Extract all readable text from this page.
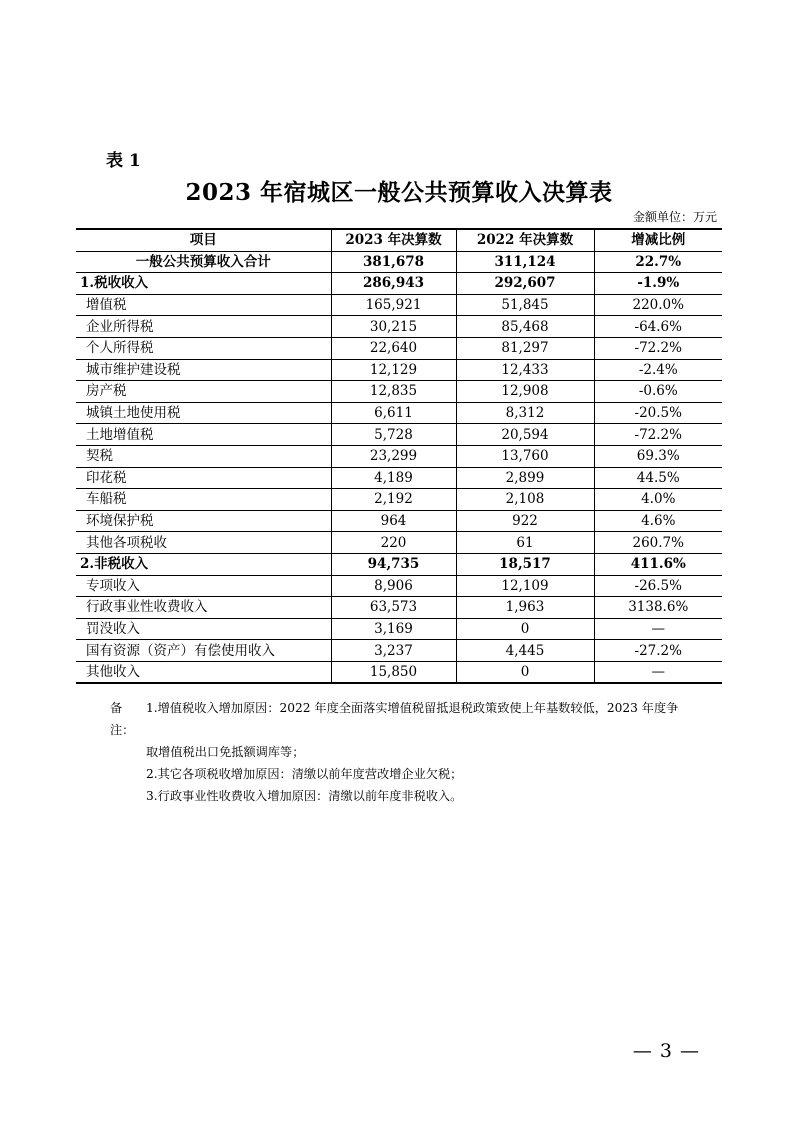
表 1
2023 年宿城区一般公共预算收入决算表
金额单位：万元
项目	2023 年决算数	2022 年决算数	增减比例
一般公共预算收入合计	381,678	311,124	22.7%
1.税收收入	286,943	292,607	-1.9%
增值税	165,921	51,845	220.0%
企业所得税	30,215	85,468	-64.6%
个人所得税	22,640	81,297	-72.2%
城市维护建设税	12,129	12,433	-2.4%
房产税	12,835	12,908	-0.6%
城镇土地使用税	6,611	8,312	-20.5%
土地增值税	5,728	20,594	-72.2%
契税	23,299	13,760	69.3%
印花税	4,189	2,899	44.5%
车船税	2,192	2,108	4.0%
环境保护税	964	922	4.6%
其他各项税收	220	61	260.7%
2.非税收入	94,735	18,517	411.6%
专项收入	8,906	12,109	-26.5%
行政事业性收费收入	63,573	1,963	3138.6%
罚没收入	3,169	0	—
国有资源（资产）有偿使用收入	3,237	4,445	-27.2%
其他收入	15,850	0	—
备注：
1.增值税收入增加原因：2022 年度全面落实增值税留抵退税政策致使上年基数较低，2023 年度争
取增值税出口免抵额调库等；
2.其它各项税收增加原因：清缴以前年度营改增企业欠税；
3.行政事业性收费收入增加原因：清缴以前年度非税收入。
— 3 —
